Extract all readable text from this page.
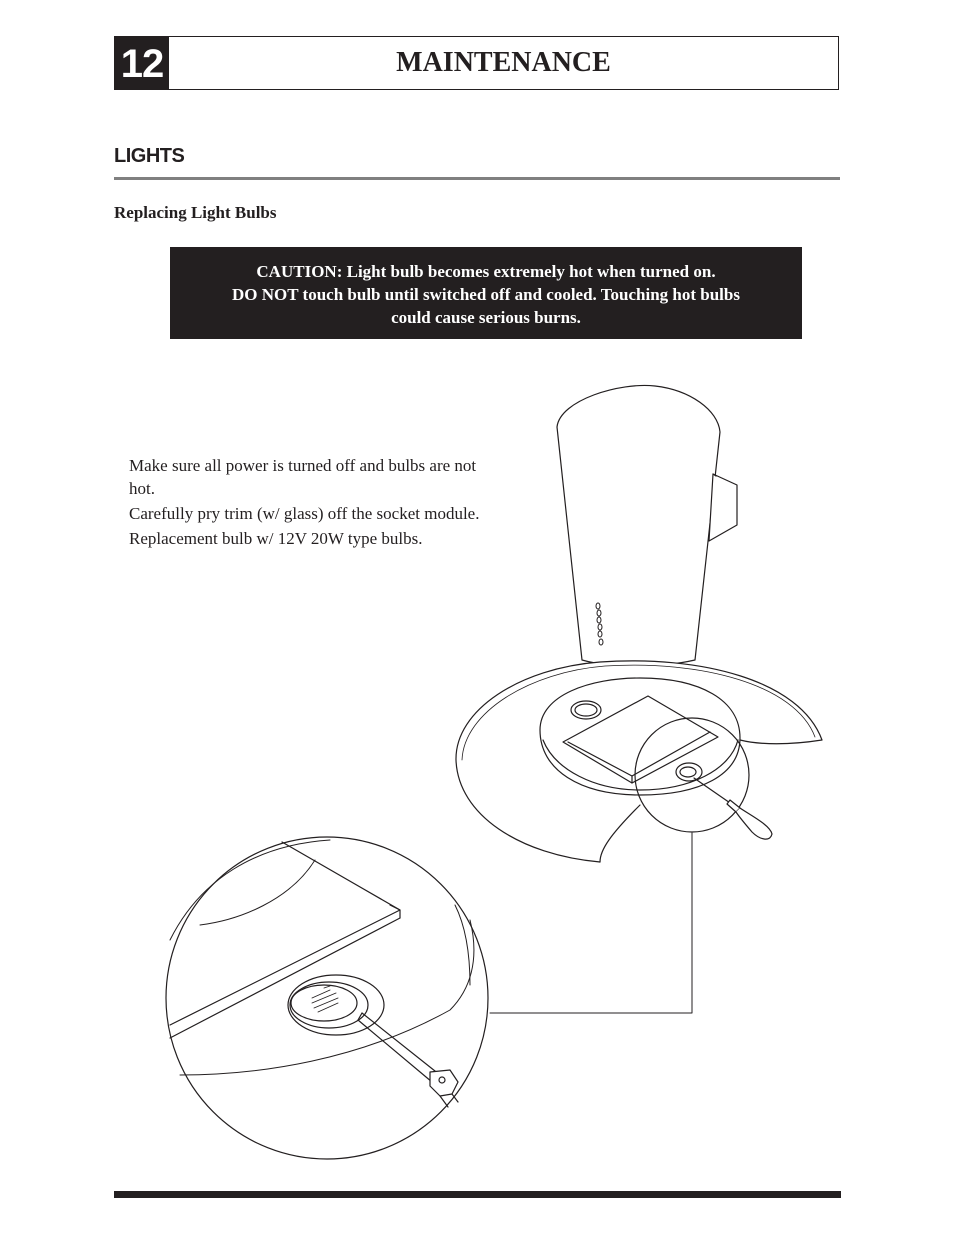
12	MAINTENANCE
LIGHTS
Replacing Light Bulbs
CAUTION: Light bulb becomes extremely hot when turned on.
DO NOT touch bulb until switched off and cooled. Touching hot bulbs
could cause serious burns.

Make sure all power is turned off and bulbs are not hot.

Carefully pry trim (w/ glass) off the socket module.

Replacement bulb w/ 12V 20W type bulbs.
